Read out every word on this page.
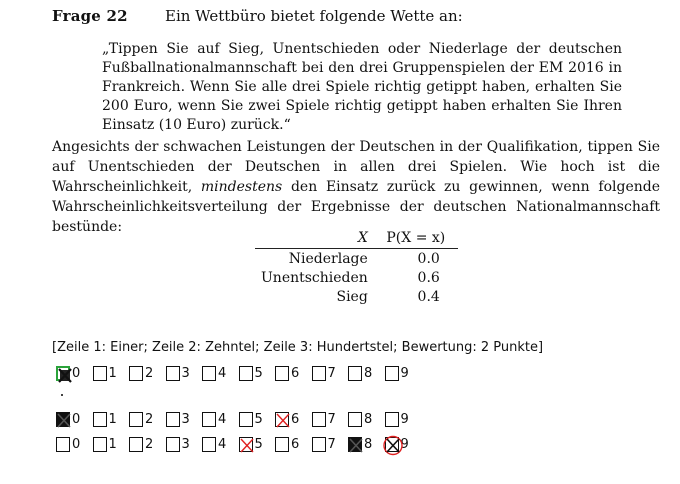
Frage 22 Ein Wettbüro bietet folgende Wette an:
„Tippen Sie auf Sieg, Unentschieden oder Niederlage der deutschen Fußballnationalmannschaft bei den drei Gruppenspielen der EM 2016 in Frankreich. Wenn Sie alle drei Spiele richtig getippt haben, erhalten Sie 200 Euro, wenn Sie zwei Spiele richtig getippt haben erhalten Sie Ihren Einsatz (10 Euro) zurück.“
Angesichts der schwachen Leistungen der Deutschen in der Qualifikation, tippen Sie auf Unentschieden der Deutschen in allen drei Spielen. Wie hoch ist die Wahrscheinlichkeit, mindestens den Einsatz zurück zu gewinnen, wenn folgende Wahrscheinlichkeitsverteilung der Ergebnisse der deutschen Nationalmannschaft bestünde:
X	P(X = x)
Niederlage	0.0
Unentschieden	0.6
Sieg	0.4
[Zeile 1: Einer; Zeile 2: Zehntel; Zeile 3: Hundertstel; Bewertung: 2 Punkte]
0 1 2 3 4 5 6 7 8 9
0 1 2 3 4 5 6 7 8 9
0 1 2 3 4 5 6 7 8 9
